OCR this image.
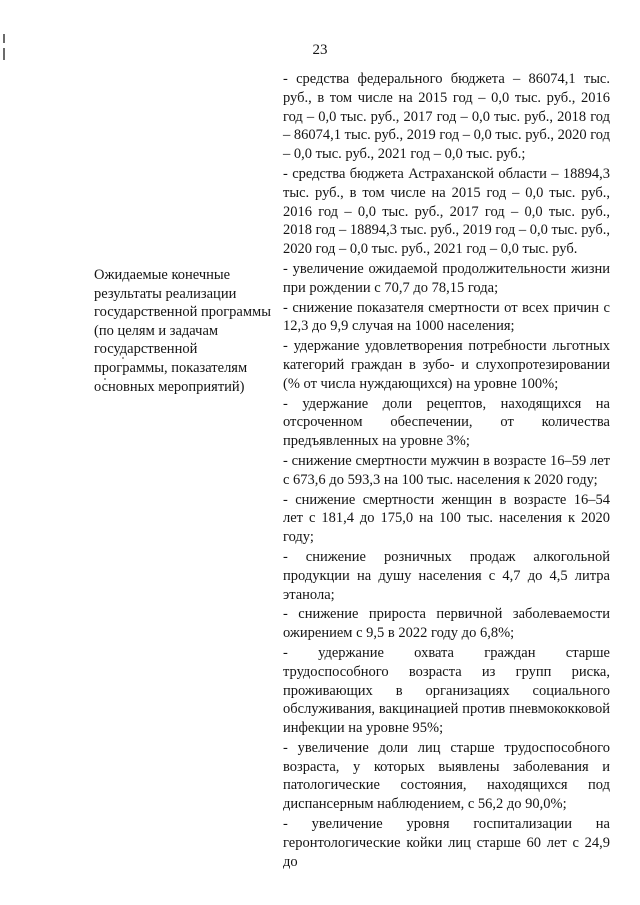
23
Ожидаемые конечные результаты реализации государственной программы (по целям и задачам государственной программы, показателям основных мероприятий)

- средства федерального бюджета – 86074,1 тыс. руб., в том числе на 2015 год – 0,0 тыс. руб., 2016 год – 0,0 тыс. руб., 2017 год – 0,0 тыс. руб., 2018 год – 86074,1 тыс. руб., 2019 год – 0,0 тыс. руб., 2020 год – 0,0 тыс. руб., 2021 год – 0,0 тыс. руб.;

- средства бюджета Астраханской области – 18894,3 тыс. руб., в том числе на 2015 год – 0,0 тыс. руб., 2016 год – 0,0 тыс. руб., 2017 год – 0,0 тыс. руб., 2018 год – 18894,3 тыс. руб., 2019 год – 0,0 тыс. руб., 2020 год – 0,0 тыс. руб., 2021 год – 0,0 тыс. руб.

- увеличение ожидаемой продолжительности жизни при рождении с 70,7 до 78,15 года;

- снижение показателя смертности от всех причин с 12,3 до 9,9 случая на 1000 населения;

- удержание удовлетворения потребности льготных категорий граждан в зубо- и слухопротезировании (% от числа нуждающихся) на уровне 100%;

- удержание доли рецептов, находящихся на отсроченном обеспечении, от количества предъявленных на уровне 3%;

- снижение смертности мужчин в возрасте 16–59 лет с 673,6 до 593,3 на 100 тыс. населения к 2020 году;

- снижение смертности женщин в возрасте 16–54 лет с 181,4 до 175,0 на 100 тыс. населения к 2020 году;

- снижение розничных продаж алкогольной продукции на душу населения с 4,7 до 4,5 литра этанола;

- снижение прироста первичной заболеваемости ожирением с 9,5 в 2022 году до 6,8%;

- удержание охвата граждан старше трудоспособного возраста из групп риска, проживающих в организациях социального обслуживания, вакцинацией против пневмококковой инфекции на уровне 95%;

- увеличение доли лиц старше трудоспособного возраста, у которых выявлены заболевания и патологические состояния, находящихся под диспансерным наблюдением, с 56,2 до 90,0%;

- увеличение уровня госпитализации на геронтологические койки лиц старше 60 лет с 24,9 до
